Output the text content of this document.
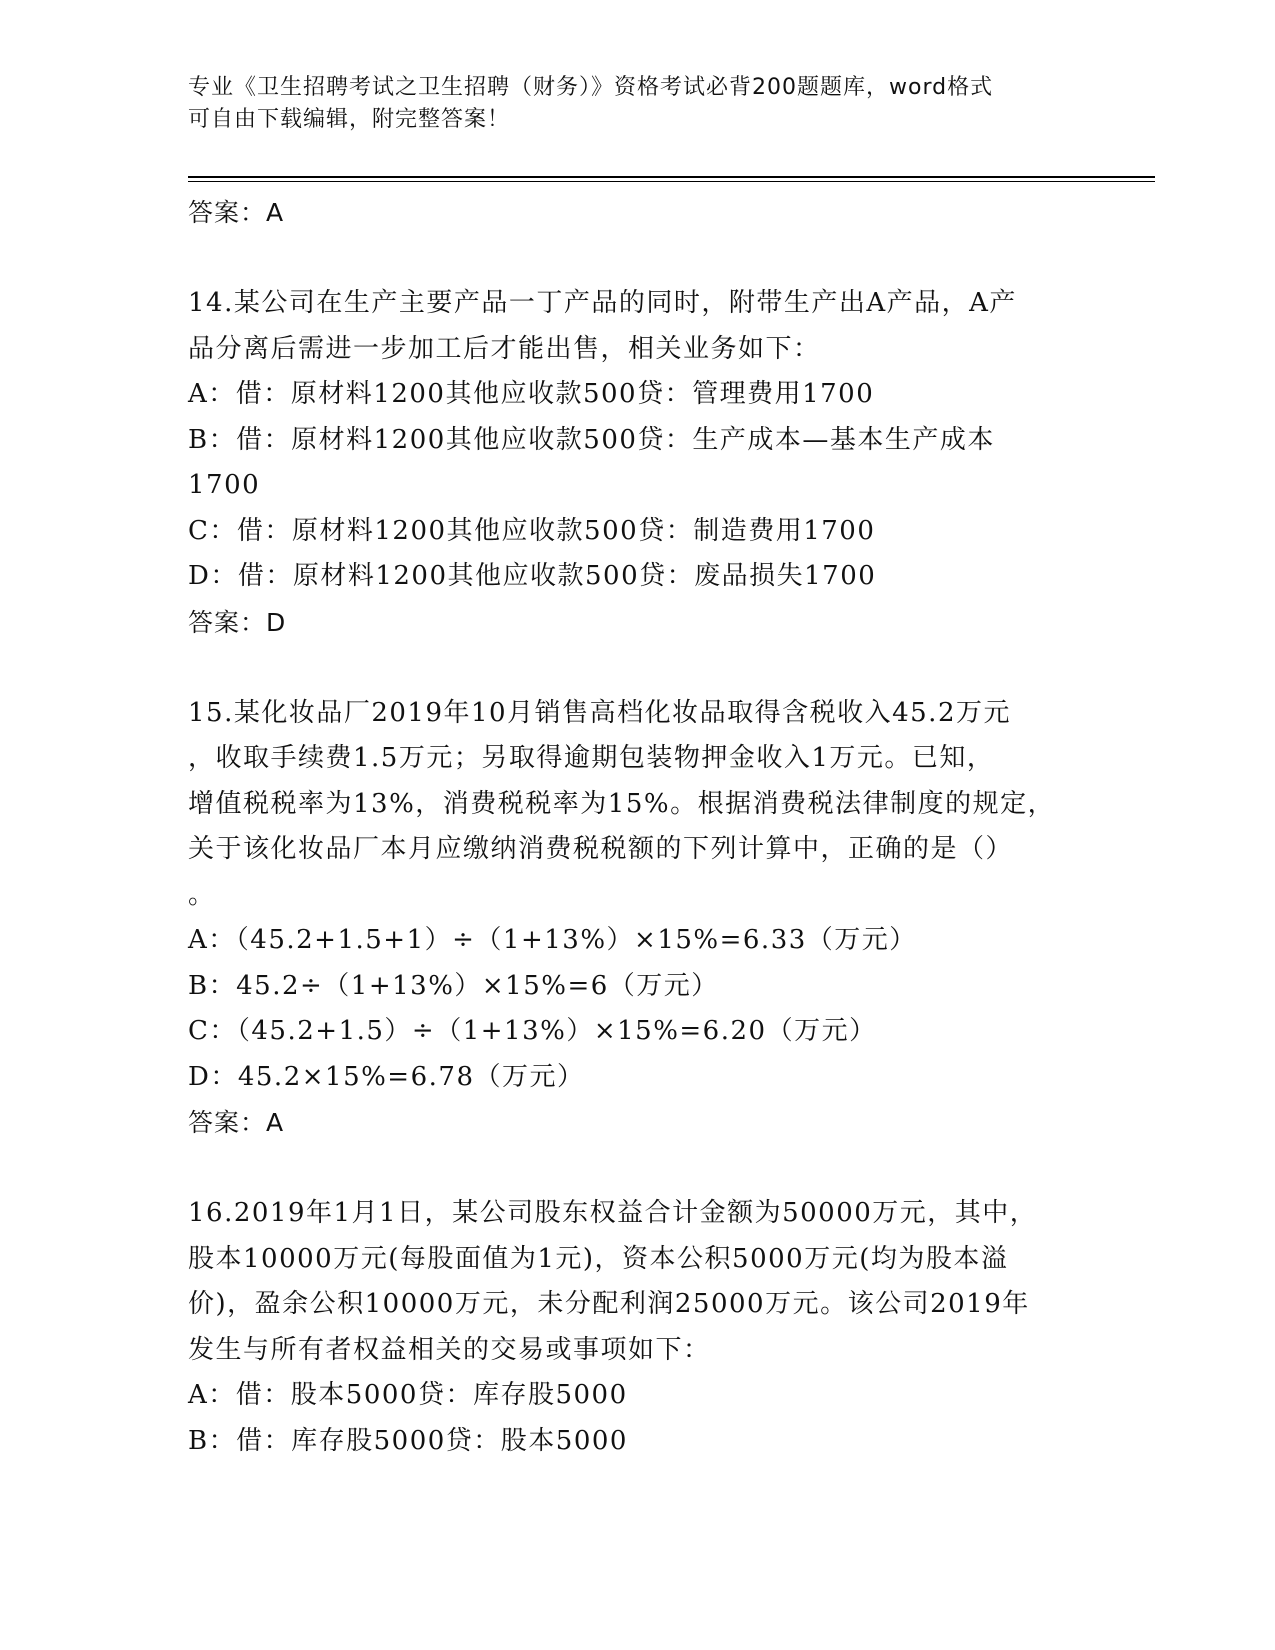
专业《卫生招聘考试之卫生招聘（财务）》资格考试必背200题题库，word格式
可自由下载编辑，附完整答案！
答案：A
14.某公司在生产主要产品一丁产品的同时，附带生产出A产品，A产
品分离后需进一步加工后才能出售，相关业务如下：
A：借：原材料1200其他应收款500贷：管理费用1700
B：借：原材料1200其他应收款500贷：生产成本—基本生产成本
1700
C：借：原材料1200其他应收款500贷：制造费用1700
D：借：原材料1200其他应收款500贷：废品损失1700
答案：D
15.某化妆品厂2019年10月销售高档化妆品取得含税收入45.2万元
，收取手续费1.5万元；另取得逾期包装物押金收入1万元。已知，
增值税税率为13%，消费税税率为15%。根据消费税法律制度的规定，
关于该化妆品厂本月应缴纳消费税税额的下列计算中，正确的是（）
。
A：（45.2+1.5+1）÷（1+13%）×15%=6.33（万元）
B：45.2÷（1+13%）×15%=6（万元）
C：（45.2+1.5）÷（1+13%）×15%=6.20（万元）
D：45.2×15%=6.78（万元）
答案：A
16.2019年1月1日，某公司股东权益合计金额为50000万元，其中，
股本10000万元(每股面值为1元)，资本公积5000万元(均为股本溢
价)，盈余公积10000万元，未分配利润25000万元。该公司2019年
发生与所有者权益相关的交易或事项如下：
A：借：股本5000贷：库存股5000
B：借：库存股5000贷：股本5000
